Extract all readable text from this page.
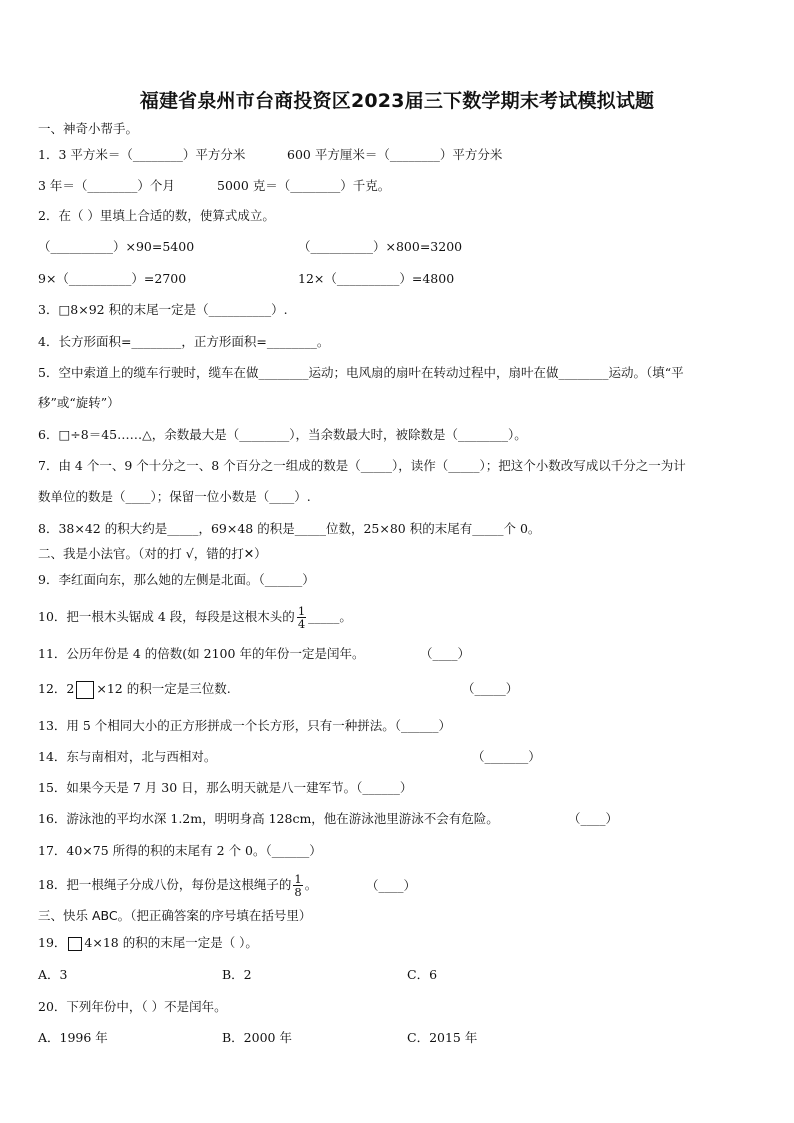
福建省泉州市台商投资区2023届三下数学期末考试模拟试题
一、神奇小帮手。
1．3 平方米＝（________）平方分米	600 平方厘米＝（________）平方分米
3 年＝（________）个月	5000 克＝（________）千克。
2．在（ ）里填上合适的数，使算式成立。
（__________）×90=5400	（__________）×800=3200
9×（__________）=2700	12×（__________）=4800
3．□8×92 积的末尾一定是（__________）.
4．长方形面积=________，正方形面积=________。
5．空中索道上的缆车行驶时，缆车在做________运动；电风扇的扇叶在转动过程中，扇叶在做________运动。（填“平
移”或“旋转”）
6．□÷8＝45……△，余数最大是（________），当余数最大时，被除数是（________）。
7．由 4 个一、9 个十分之一、8 个百分之一组成的数是（_____），读作（_____）；把这个小数改写成以千分之一为计
数单位的数是（____）；保留一位小数是（____）.
8．38×42 的积大约是_____，69×48 的积是_____位数，25×80 积的末尾有_____个 0。
二、我是小法官。（对的打 √，错的打✕）
9．李红面向东，那么她的左侧是北面。（______）
10．把一根木头锯成 4 段，每段是这根木头的 $\frac{1}{4}$ _____。
11．公历年份是 4 的倍数(如 2100 年的年份一定是闰年。	（____）
12．2 ×12 的积一定是三位数.	（_____）
13．用 5 个相同大小的正方形拼成一个长方形，只有一种拼法。（______）
14．东与南相对，北与西相对。	（_______）
15．如果今天是 7 月 30 日，那么明天就是八一建军节。（______）
16．游泳池的平均水深 1.2m，明明身高 128cm，他在游泳池里游泳不会有危险。	（____）
17．40×75 所得的积的末尾有 2 个 0。（______）
18．把一根绳子分成八份，每份是这根绳子的 $\frac{1}{8}$ 。	（____）
三、快乐 ABC。（把正确答案的序号填在括号里）
19． 4×18 的积的末尾一定是（ ）。
A．3	B．2	C．6
20．下列年份中，（ ）不是闰年。
A．1996 年	B．2000 年	C．2015 年
